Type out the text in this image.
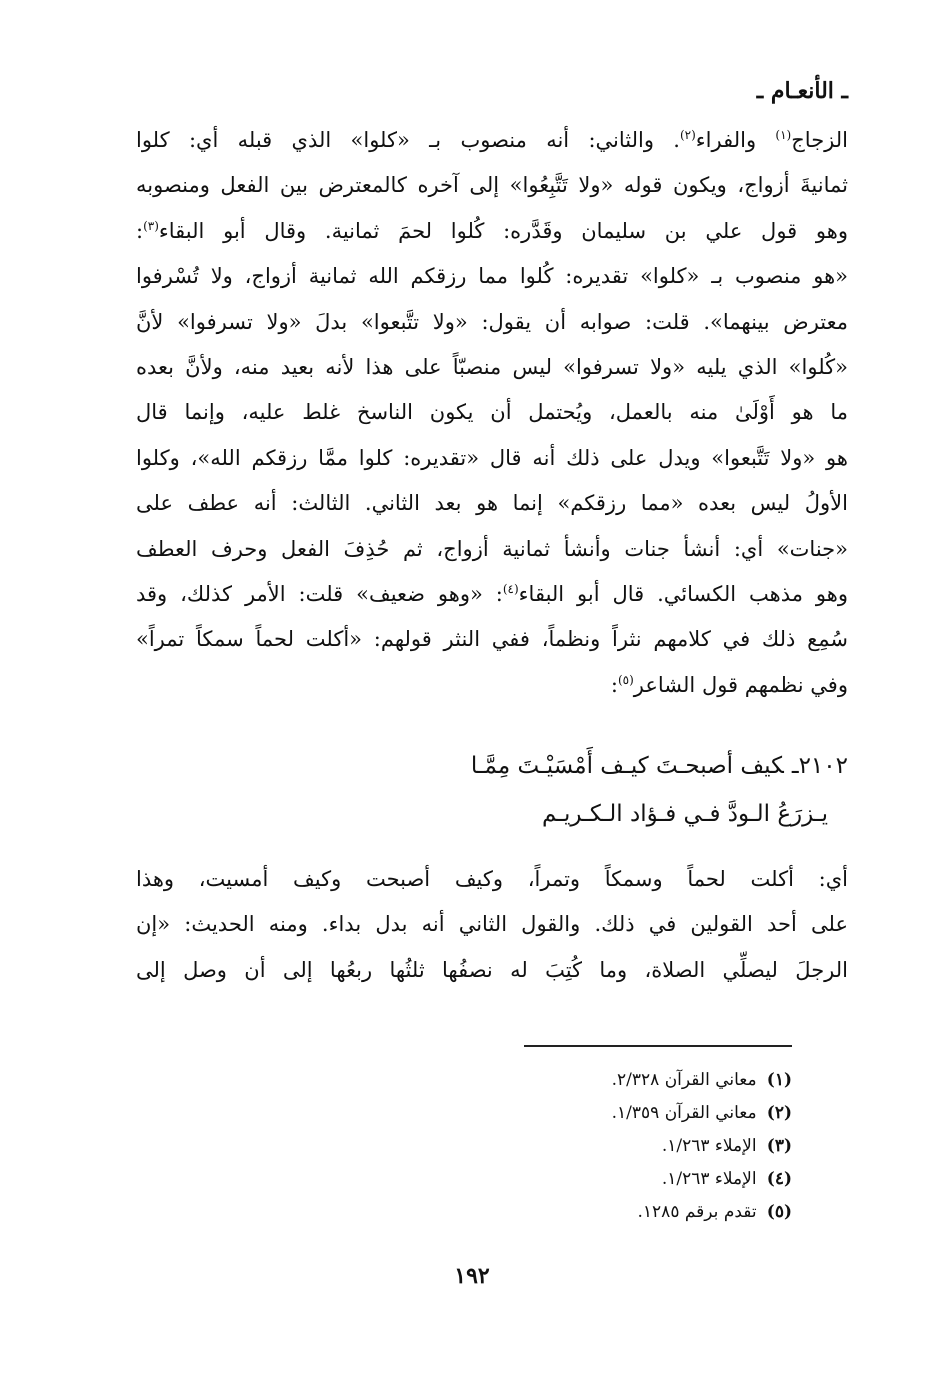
ـ الأنعـام ـ
الزجاج$^{(١)}$ والفراء$^{(٢)}$. والثاني: أنه منصوب بـ «كلوا» الذي قبله أي: كلوا
ثمانيةَ أزواج، ويكون قوله «ولا تَتَّبِعُوا» إلى آخره كالمعترض بين الفعل ومنصوبه
وهو قول علي بن سليمان وقَدَّره: كُلوا لحمَ ثمانية. وقال أبو البقاء$^{(٣)}$:
«هو منصوب بـ «كلوا» تقديره: كُلوا مما رزقكم الله ثمانية أزواج، ولا تُسْرفوا
معترض بينهما». قلت: صوابه أن يقول: «ولا تتَّبعوا» بدلَ «ولا تسرفوا» لأنَّ
«كُلوا» الذي يليه «ولا تسرفوا» ليس منصبّاً على هذا لأنه بعيد منه، ولأنَّ بعده
ما هو أَوْلَىٰ منه بالعمل، ويُحتمل أن يكون الناسخ غلط عليه، وإنما قال
هو «ولا تَتَّبعوا» ويدل على ذلك أنه قال «تقديره: كلوا ممَّا رزقكم الله»، وكلوا
الأولُ ليس بعده «مما رزقكم» إنما هو بعد الثاني. الثالث: أنه عطف على
«جنات» أي: أنشأ جنات وأنشأ ثمانية أزواج، ثم حُذِفَ الفعل وحرف العطف
وهو مذهب الكسائي. قال أبو البقاء$^{(٤)}$: «وهو ضعيف» قلت: الأمر كذلك، وقد
سُمِع ذلك في كلامهم نثراً ونظماً، ففي النثر قولهم: «أكلت لحماً سمكاً تمراً»
وفي نظمهم قول الشاعر$^{(٥)}$:
٢١٠٢ـكيف أصبحـتَ كيـف أَمْسَيْـتَ مِمَّـا
يـزرَعُ الـودَّ فـي فـؤاد الـكـريـم
أي: أكلت لحماً وسمكاً وتمراً، وكيف أصبحت وكيف أمسيت، وهذا
على أحد القولين في ذلك. والقول الثاني أنه بدل بداء. ومنه الحديث: «إن
الرجلَ ليصلِّي الصلاة، وما كُتِبَ له نصفُها ثلثُها ربعُها إلى أن وصل إلى
(١) معاني القرآن ٢/٣٢٨.
(٢) معاني القرآن ١/٣٥٩.
(٣) الإملاء ١/٢٦٣.
(٤) الإملاء ١/٢٦٣.
(٥) تقدم برقم ١٢٨٥.
١٩٢
